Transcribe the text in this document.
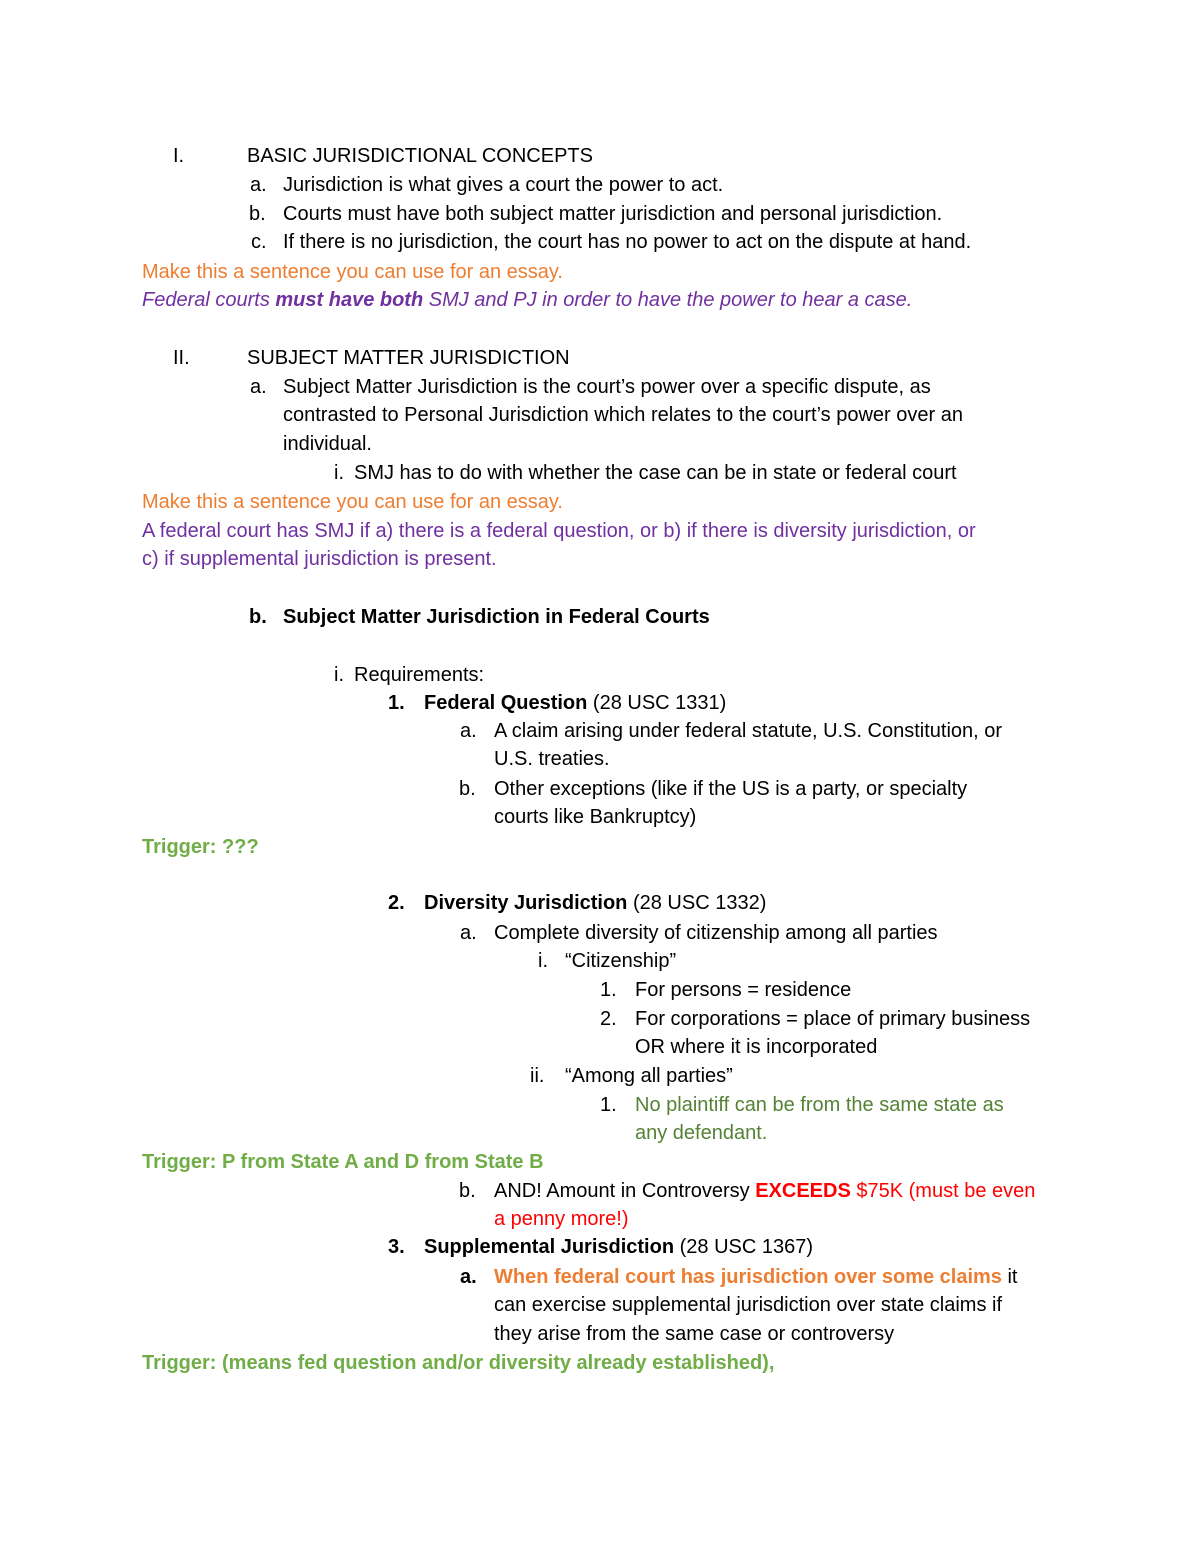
I.	BASIC JURISDICTIONAL CONCEPTS
a. Jurisdiction is what gives a court the power to act.
b. Courts must have both subject matter jurisdiction and personal jurisdiction.
c. If there is no jurisdiction, the court has no power to act on the dispute at hand.
Make this a sentence you can use for an essay.
Federal courts must have both SMJ and PJ in order to have the power to hear a case.
II.	SUBJECT MATTER JURISDICTION
a. Subject Matter Jurisdiction is the court’s power over a specific dispute, as
contrasted to Personal Jurisdiction which relates to the court’s power over an
individual.
i. SMJ has to do with whether the case can be in state or federal court
Make this a sentence you can use for an essay.
A federal court has SMJ if a) there is a federal question, or b) if there is diversity jurisdiction, or
c) if supplemental jurisdiction is present.
b. Subject Matter Jurisdiction in Federal Courts
i. Requirements:
1. Federal Question (28 USC 1331)
a. A claim arising under federal statute, U.S. Constitution, or
U.S. treaties.
b. Other exceptions (like if the US is a party, or specialty
courts like Bankruptcy)
Trigger: ???
2. Diversity Jurisdiction (28 USC 1332)
a. Complete diversity of citizenship among all parties
i. “Citizenship”
1. For persons = residence
2. For corporations = place of primary business
OR where it is incorporated
ii. “Among all parties”
1. No plaintiff can be from the same state as
any defendant.
Trigger: P from State A and D from State B
b. AND! Amount in Controversy EXCEEDS $75K (must be even
a penny more!)
3. Supplemental Jurisdiction (28 USC 1367)
a. When federal court has jurisdiction over some claims it
can exercise supplemental jurisdiction over state claims if
they arise from the same case or controversy
Trigger: (means fed question and/or diversity already established),
